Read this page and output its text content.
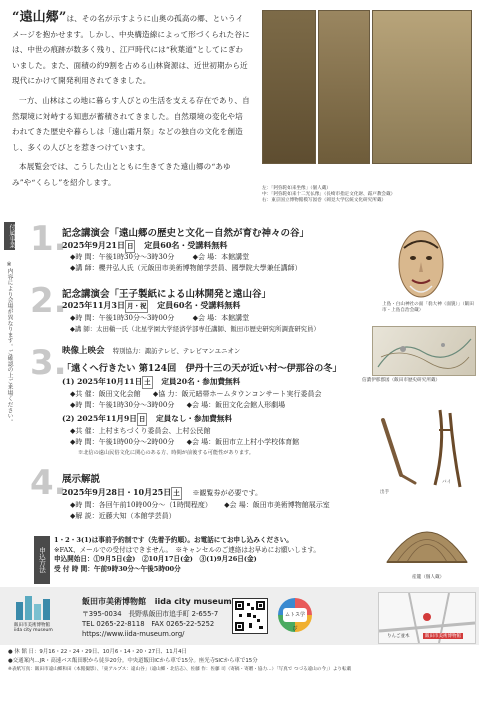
“遠山郷”は、その名が示すように山奥の孤高の郷、というイメージを抱かせます。しかし、中央構造線によって形づくられた谷には、中世の痕跡が数多く残り、江戸時代には“秋葉道”としてにぎわいました。また、面積の約9割を占める山林資源は、近世初期から近現代にかけて開発利用されてきました。

一方、山林はこの地に暮らす人びとの生活を支える存在であり、自然環境に対峙する知恵が蓄積されてきました。自然環境の変化や培われてきた歴史や暮らしは「遠山霜月祭」などの独自の文化を創造し、多くの人びとを惹きつけています。

本展覧会では、こうした山とともに生きてきた遠山郷の“あゆみ”や“くらし”を紹介します。

左：「阿弥陀如来坐像」（個人蔵）
中：「阿弥陀如来十二光仏像」（長崎市指定文化財、霜戸教会蔵）
右：東京国立博物館模写図巻（岡見大学伝統文化研究所蔵）
付属事業
※内容により会場が異なります。ご確認の上ご来場ください。
1.
記念講演会「遠山郷の歴史と文化－自然が育む神々の谷」
2025年9月21日 日 定員60名・受講料無料
◆時 間：午後1時30分～3時30分	◆会 場：本館講堂
◆講 師：櫻井弘人氏（元飯田市美術博物館学芸員、國學院大學兼任講師）
2.
記念講演会「王子製紙による山林開発と遠山谷」
2025年11月3日 月・祝 定員60名・受講料無料
◆時 間：午後1時30分～3時00分	◆会 場：本館講堂
◆講 師：太田槇一氏（北星学園大学経済学部専任講師、飯田市歴史研究所調査研究員）
3.
映像上映会 特別協力：諏訪テレビ、テレビマンユニオン
「遠くへ行きたい 第124回　伊丹十三の天が近い村～伊那谷の冬」
(1) 2025年10月11日 土 定員20名・参加費無料
◆共 催：飯田文化会館 ◆協 力：飯元暗帯ホームタウンコンサート実行委員会
◆時 間：午後1時30分～3時00分 ◆会 場：飯田文化会館人形劇場
(2) 2025年11月9日 日 定員なし・参加費無料
◆共 催：上村まちづくり委員会、上村公民館
◆時 間：午後1時00分～2時00分 ◆会 場：飯田市立上村小学校体育館
※北信の遠山民俗文化に関心のある方、時間が前後する可能性があります。
4.
展示解説
2025年9月28日・10月25日 土 ※観覧券が必要です。
◆時 間：各回午前10時00分～（1時間程度） ◆会 場：飯田市美術博物館展示室
◆解 説：近藤大知（本館学芸員）
上島・白山神社の面「翁大神（面貌）」（飯田市・上島自治会蔵）
信濃伊那郡図（飯田市歴史研究所蔵）
出手
バイ
産籠（個人蔵）
申込方法
1・2・3(1)は事前予約制です（先着予約順）。お電話にてお申し込みください。
※FAX、メールでの受付はできません。　※キャンセルのご連絡はお早めにお願いします。
申込開始日：①9月5日(金)　②10月17日(金)　③(1)9月26日(金)
受 付 時 間：午前9時30分～午後5時00分
飯田市美術博物館
iida city museum
飯田市美術博物館 iida city museum
〒395-0034　長野県飯田市追手町 2-655-7
TEL 0265-22-8118　FAX 0265-22-5252
https://www.iida-museum.org/
ムトス学び
りんご並木	飯田市美術博物館
● 休 館 日：9月16・22・24・29日、10月6・14・20・27日、11月4日
●交通案内…JR・高速バス飯田駅から徒歩20分。中央道飯田ICから車で15分。座光寺SICから車で15分
※表紙写真：飯田市遠山郷和田（本館撮影）、「東アルプス：遠山谷」（遠山郷・北信志）、佐藤 作：佐藤 司（寄稿・寄贈・協力…）「写真で つづる遠山の今」）より転載
